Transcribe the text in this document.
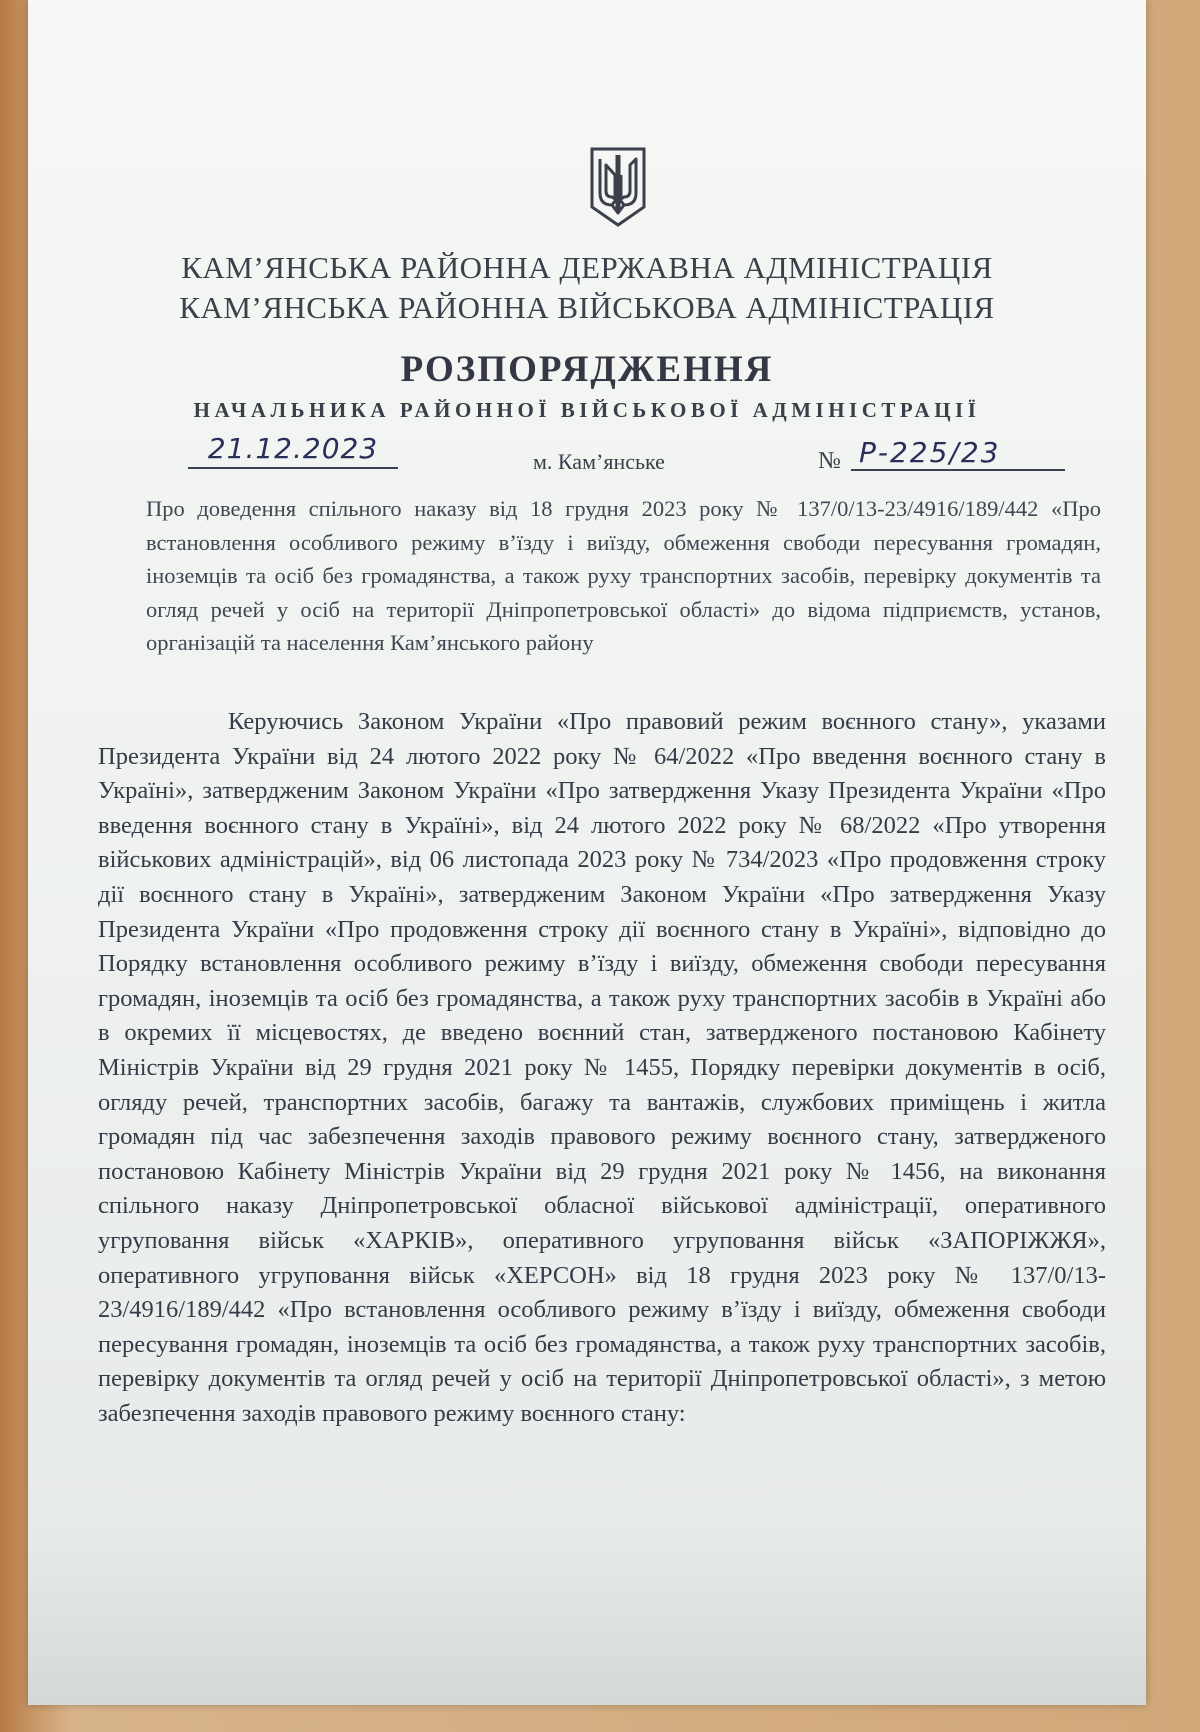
КАМ’ЯНСЬКА РАЙОННА ДЕРЖАВНА АДМІНІСТРАЦІЯ
КАМ’ЯНСЬКА РАЙОННА ВІЙСЬКОВА АДМІНІСТРАЦІЯ
РОЗПОРЯДЖЕННЯ
НАЧАЛЬНИКА РАЙОННОЇ ВІЙСЬКОВОЇ АДМІНІСТРАЦІЇ
21.12.2023	м. Кам’янське	№ Р-225/23
Про доведення спільного наказу від 18 грудня 2023 року № 137/0/13-23/4916/189/442 «Про встановлення особливого режиму в’їзду і виїзду, обмеження свободи пересування громадян, іноземців та осіб без громадянства, а також руху транспортних засобів, перевірку документів та огляд речей у осіб на території Дніпропетровської області» до відома підприємств, установ, організацій та населення Кам’янського району
Керуючись Законом України «Про правовий режим воєнного стану», указами Президента України від 24 лютого 2022 року № 64/2022 «Про введення воєнного стану в Україні», затвердженим Законом України «Про затвердження Указу Президента України «Про введення воєнного стану в Україні», від 24 лютого 2022 року № 68/2022 «Про утворення військових адміністрацій», від 06 листопада 2023 року № 734/2023 «Про продовження строку дії воєнного стану в Україні», затвердженим Законом України «Про затвердження Указу Президента України «Про продовження строку дії воєнного стану в Україні», відповідно до Порядку встановлення особливого режиму в’їзду і виїзду, обмеження свободи пересування громадян, іноземців та осіб без громадянства, а також руху транспортних засобів в Україні або в окремих її місцевостях, де введено воєнний стан, затвердженого постановою Кабінету Міністрів України від 29 грудня 2021 року № 1455, Порядку перевірки документів в осіб, огляду речей, транспортних засобів, багажу та вантажів, службових приміщень і житла громадян під час забезпечення заходів правового режиму воєнного стану, затвердженого постановою Кабінету Міністрів України від 29 грудня 2021 року № 1456, на виконання спільного наказу Дніпропетровської обласної військової адміністрації, оперативного угруповання військ «ХАРКІВ», оперативного угруповання військ «ЗАПОРІЖЖЯ», оперативного угруповання військ «ХЕРСОН» від 18 грудня 2023 року № 137/0/13-23/4916/189/442 «Про встановлення особливого режиму в’їзду і виїзду, обмеження свободи пересування громадян, іноземців та осіб без громадянства, а також руху транспортних засобів, перевірку документів та огляд речей у осіб на території Дніпропетровської області», з метою забезпечення заходів правового режиму воєнного стану:
